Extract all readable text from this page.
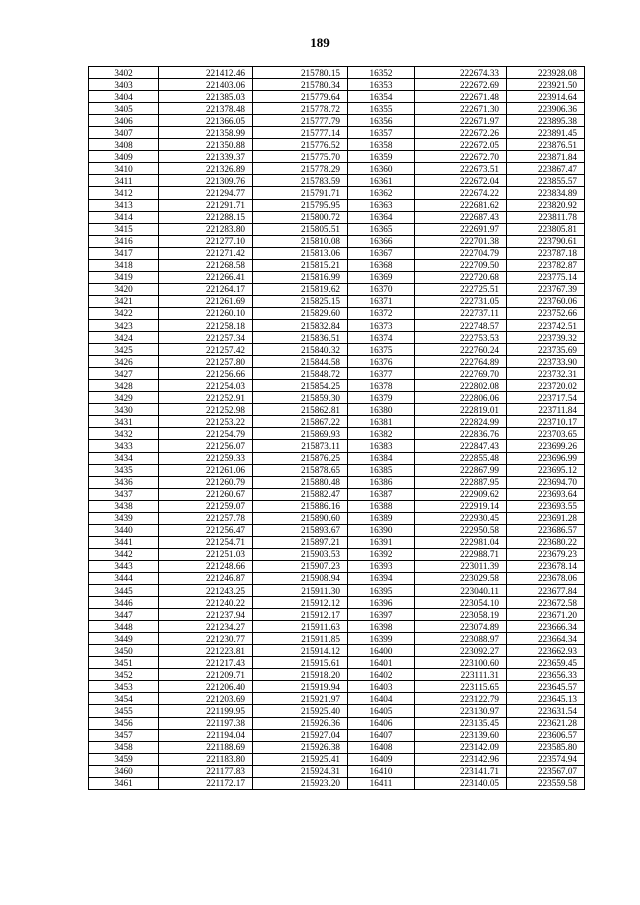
189
3402	221412.46	215780.15	16352	222674.33	223928.08
3403	221403.06	215780.34	16353	222672.69	223921.50
3404	221385.03	215779.64	16354	222671.48	223914.64
3405	221378.48	215778.72	16355	222671.30	223906.36
3406	221366.05	215777.79	16356	222671.97	223895.38
3407	221358.99	215777.14	16357	222672.26	223891.45
3408	221350.88	215776.52	16358	222672.05	223876.51
3409	221339.37	215775.70	16359	222672.70	223871.84
3410	221326.89	215778.29	16360	222673.51	223867.47
3411	221309.76	215783.59	16361	222672.04	223855.57
3412	221294.77	215791.71	16362	222674.22	223834.89
3413	221291.71	215795.95	16363	222681.62	223820.92
3414	221288.15	215800.72	16364	222687.43	223811.78
3415	221283.80	215805.51	16365	222691.97	223805.81
3416	221277.10	215810.08	16366	222701.38	223790.61
3417	221271.42	215813.06	16367	222704.79	223787.18
3418	221268.58	215815.21	16368	222709.50	223782.87
3419	221266.41	215816.99	16369	222720.68	223775.14
3420	221264.17	215819.62	16370	222725.51	223767.39
3421	221261.69	215825.15	16371	222731.05	223760.06
3422	221260.10	215829.60	16372	222737.11	223752.66
3423	221258.18	215832.84	16373	222748.57	223742.51
3424	221257.34	215836.51	16374	222753.53	223739.32
3425	221257.42	215840.32	16375	222760.24	223735.69
3426	221257.80	215844.58	16376	222764.89	223733.90
3427	221256.66	215848.72	16377	222769.70	223732.31
3428	221254.03	215854.25	16378	222802.08	223720.02
3429	221252.91	215859.30	16379	222806.06	223717.54
3430	221252.98	215862.81	16380	222819.01	223711.84
3431	221253.22	215867.22	16381	222824.99	223710.17
3432	221254.79	215869.93	16382	222836.76	223703.65
3433	221256.07	215873.11	16383	222847.43	223699.26
3434	221259.33	215876.25	16384	222855.48	223696.99
3435	221261.06	215878.65	16385	222867.99	223695.12
3436	221260.79	215880.48	16386	222887.95	223694.70
3437	221260.67	215882.47	16387	222909.62	223693.64
3438	221259.07	215886.16	16388	222919.14	223693.55
3439	221257.78	215890.60	16389	222930.45	223691.28
3440	221256.47	215893.67	16390	222950.58	223686.57
3441	221254.71	215897.21	16391	222981.04	223680.22
3442	221251.03	215903.53	16392	222988.71	223679.23
3443	221248.66	215907.23	16393	223011.39	223678.14
3444	221246.87	215908.94	16394	223029.58	223678.06
3445	221243.25	215911.30	16395	223040.11	223677.84
3446	221240.22	215912.12	16396	223054.10	223672.58
3447	221237.94	215912.17	16397	223058.19	223671.20
3448	221234.27	215911.63	16398	223074.89	223666.34
3449	221230.77	215911.85	16399	223088.97	223664.34
3450	221223.81	215914.12	16400	223092.27	223662.93
3451	221217.43	215915.61	16401	223100.60	223659.45
3452	221209.71	215918.20	16402	223111.31	223656.33
3453	221206.40	215919.94	16403	223115.65	223645.57
3454	221203.69	215921.97	16404	223122.79	223645.13
3455	221199.95	215925.40	16405	223130.97	223631.54
3456	221197.38	215926.36	16406	223135.45	223621.28
3457	221194.04	215927.04	16407	223139.60	223606.57
3458	221188.69	215926.38	16408	223142.09	223585.80
3459	221183.80	215925.41	16409	223142.96	223574.94
3460	221177.83	215924.31	16410	223141.71	223567.07
3461	221172.17	215923.20	16411	223140.05	223559.58
